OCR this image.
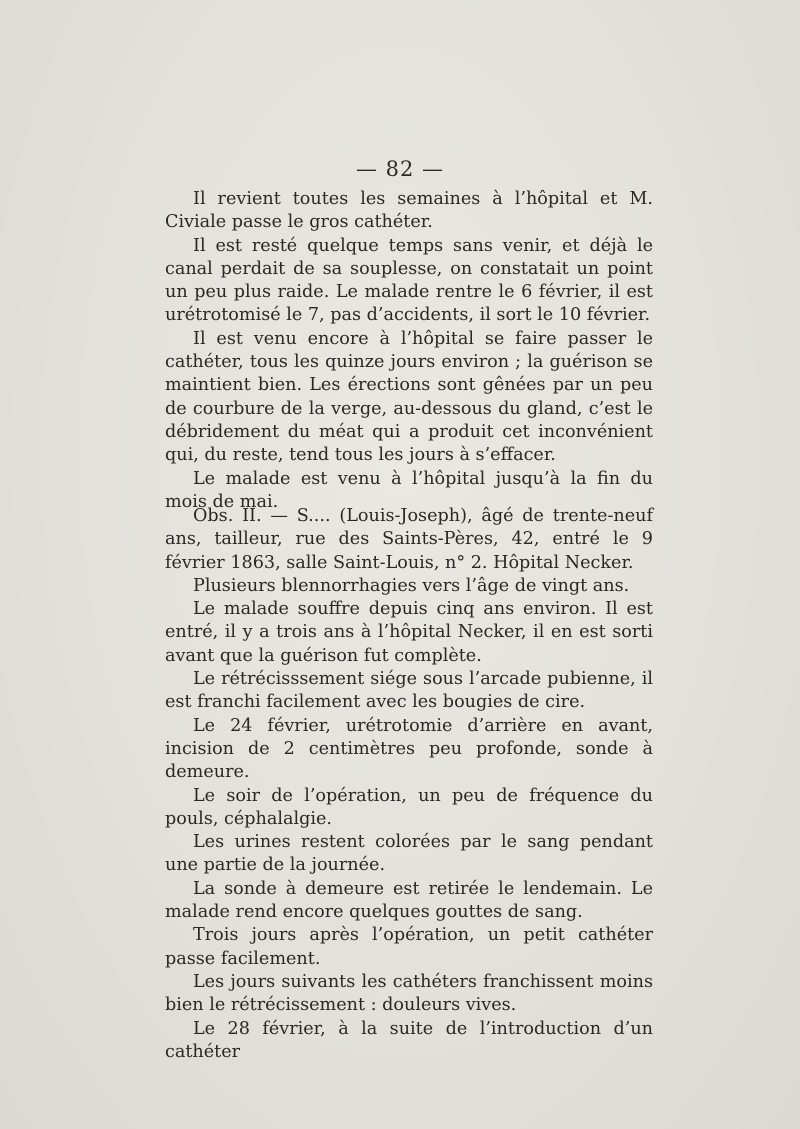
— 82 —

Il revient toutes les semaines à l’hôpital et M. Civiale passe le gros cathéter.

Il est resté quelque temps sans venir, et déjà le canal perdait de sa souplesse, on constatait un point un peu plus raide. Le malade rentre le 6 février, il est urétrotomisé le 7, pas d’accidents, il sort le 10 février.

Il est venu encore à l’hôpital se faire passer le cathéter, tous les quinze jours environ ; la guérison se maintient bien. Les érections sont gênées par un peu de courbure de la verge, au-dessous du gland, c’est le débridement du méat qui a produit cet inconvénient qui, du reste, tend tous les jours à s’effacer.

Le malade est venu à l’hôpital jusqu’à la fin du mois de mai.

Obs. II. — S.... (Louis-Joseph), âgé de trente-neuf ans, tailleur, rue des Saints-Pères, 42, entré le 9 février 1863, salle Saint-Louis, n° 2. Hôpital Necker.

Plusieurs blennorrhagies vers l’âge de vingt ans.

Le malade souffre depuis cinq ans environ. Il est entré, il y a trois ans à l’hôpital Necker, il en est sorti avant que la guérison fut complète.

Le rétrécisssement siége sous l’arcade pubienne, il est franchi facilement avec les bougies de cire.

Le 24 février, urétrotomie d’arrière en avant, incision de 2 centimètres peu profonde, sonde à demeure.

Le soir de l’opération, un peu de fréquence du pouls, céphalalgie.

Les urines restent colorées par le sang pendant une partie de la journée.

La sonde à demeure est retirée le lendemain. Le malade rend encore quelques gouttes de sang.

Trois jours après l’opération, un petit cathéter passe facilement.

Les jours suivants les cathéters franchissent moins bien le rétrécissement : douleurs vives.

Le 28 février, à la suite de l’introduction d’un cathéter
